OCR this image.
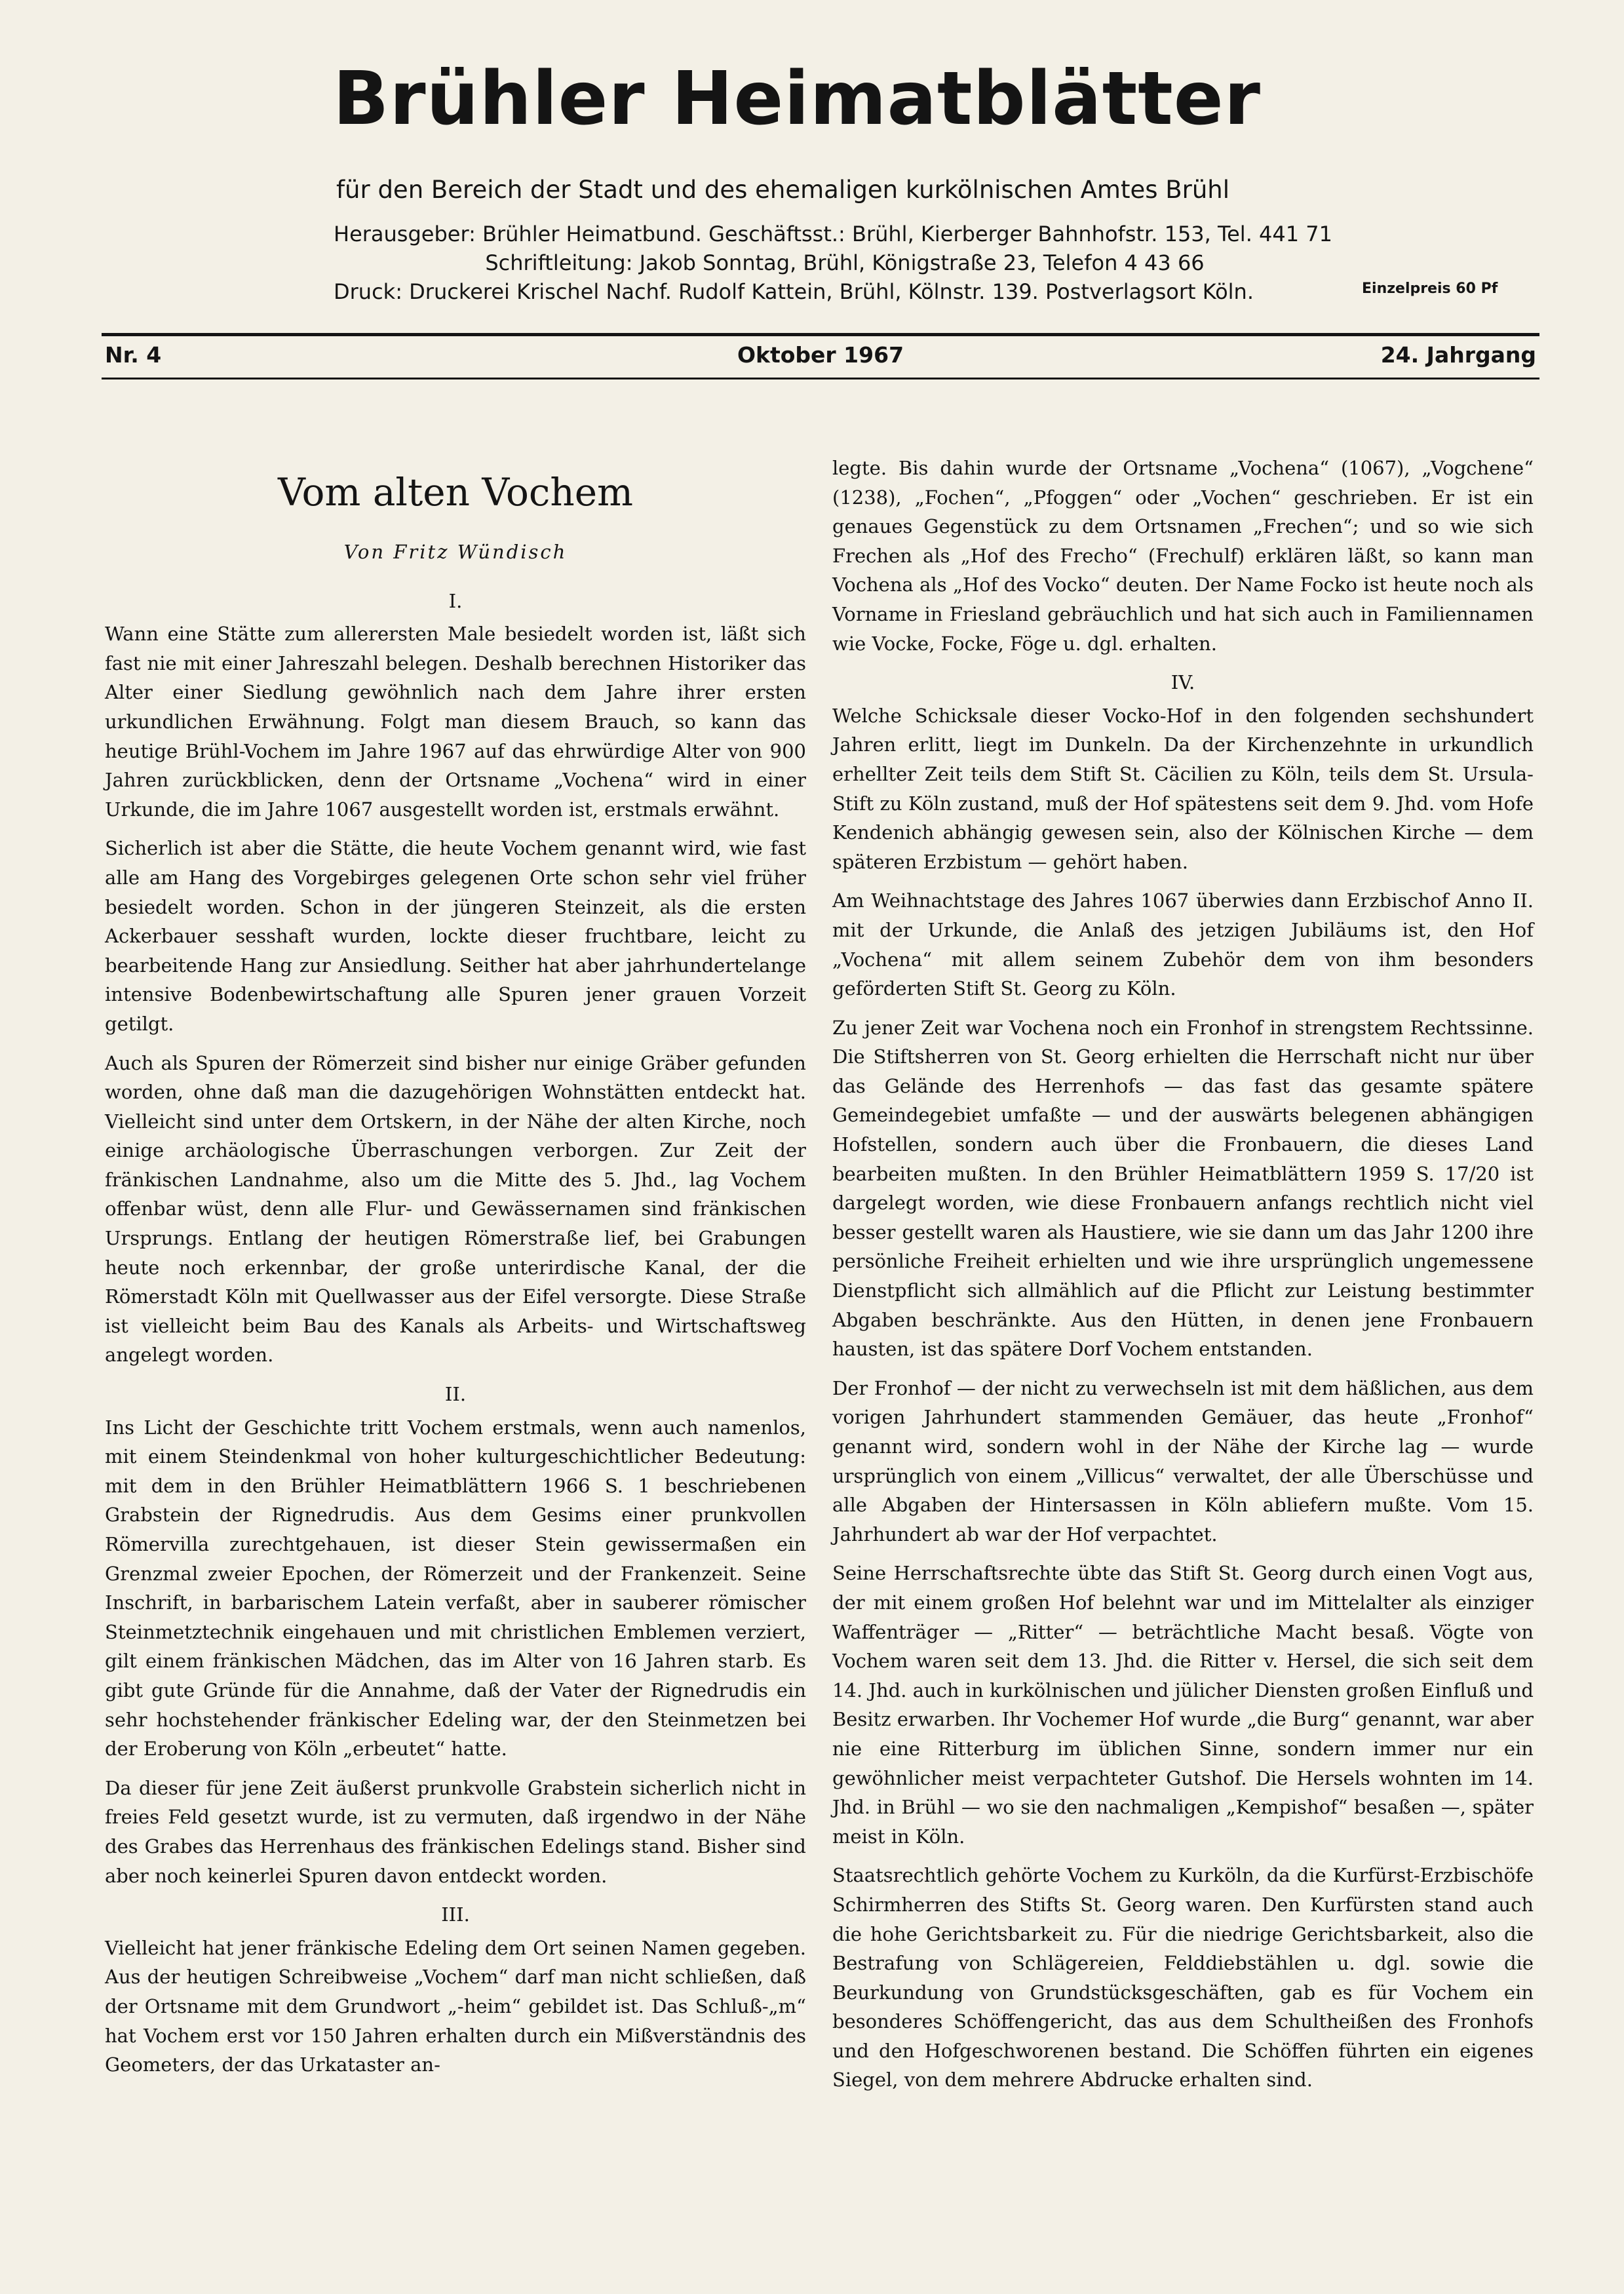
Brühler Heimatblätter
für den Bereich der Stadt und des ehemaligen kurkölnischen Amtes Brühl
Herausgeber: Brühler Heimatbund. Geschäftsst.: Brühl, Kierberger Bahnhofstr. 153, Tel. 441 71
Schriftleitung: Jakob Sonntag, Brühl, Königstraße 23, Telefon 4 43 66
Druck: Druckerei Krischel Nachf. Rudolf Kattein, Brühl, Kölnstr. 139. Postverlagsort Köln.	Einzelpreis 60 Pf
Nr. 4	Oktober 1967	24. Jahrgang
Vom alten Vochem
Von Fritz Wündisch
I.

Wann eine Stätte zum allerersten Male besiedelt worden ist, läßt sich fast nie mit einer Jahreszahl belegen. Deshalb berechnen Historiker das Alter einer Siedlung gewöhnlich nach dem Jahre ihrer ersten urkundlichen Erwähnung. Folgt man diesem Brauch, so kann das heutige Brühl-Vochem im Jahre 1967 auf das ehrwürdige Alter von 900 Jahren zurückblicken, denn der Ortsname „Vochena“ wird in einer Urkunde, die im Jahre 1067 ausgestellt worden ist, erstmals erwähnt.

Sicherlich ist aber die Stätte, die heute Vochem genannt wird, wie fast alle am Hang des Vorgebirges gelegenen Orte schon sehr viel früher besiedelt worden. Schon in der jüngeren Steinzeit, als die ersten Ackerbauer sesshaft wurden, lockte dieser fruchtbare, leicht zu bearbeitende Hang zur Ansiedlung. Seither hat aber jahrhundertelange intensive Bodenbewirtschaftung alle Spuren jener grauen Vorzeit getilgt.

Auch als Spuren der Römerzeit sind bisher nur einige Gräber gefunden worden, ohne daß man die dazugehörigen Wohnstätten entdeckt hat. Vielleicht sind unter dem Ortskern, in der Nähe der alten Kirche, noch einige archäologische Überraschungen verborgen. Zur Zeit der fränkischen Landnahme, also um die Mitte des 5. Jhd., lag Vochem offenbar wüst, denn alle Flur- und Gewässernamen sind fränkischen Ursprungs. Entlang der heutigen Römerstraße lief, bei Grabungen heute noch erkennbar, der große unterirdische Kanal, der die Römerstadt Köln mit Quellwasser aus der Eifel versorgte. Diese Straße ist vielleicht beim Bau des Kanals als Arbeits- und Wirtschaftsweg angelegt worden.

II.

Ins Licht der Geschichte tritt Vochem erstmals, wenn auch namenlos, mit einem Steindenkmal von hoher kulturgeschichtlicher Bedeutung: mit dem in den Brühler Heimatblättern 1966 S. 1 beschriebenen Grabstein der Rignedrudis. Aus dem Gesims einer prunkvollen Römervilla zurechtgehauen, ist dieser Stein gewissermaßen ein Grenzmal zweier Epochen, der Römerzeit und der Frankenzeit. Seine Inschrift, in barbarischem Latein verfaßt, aber in sauberer römischer Steinmetztechnik eingehauen und mit christlichen Emblemen verziert, gilt einem fränkischen Mädchen, das im Alter von 16 Jahren starb. Es gibt gute Gründe für die Annahme, daß der Vater der Rignedrudis ein sehr hochstehender fränkischer Edeling war, der den Steinmetzen bei der Eroberung von Köln „erbeutet“ hatte.

Da dieser für jene Zeit äußerst prunkvolle Grabstein sicherlich nicht in freies Feld gesetzt wurde, ist zu vermuten, daß irgendwo in der Nähe des Grabes das Herrenhaus des fränkischen Edelings stand. Bisher sind aber noch keinerlei Spuren davon entdeckt worden.

III.

Vielleicht hat jener fränkische Edeling dem Ort seinen Namen gegeben. Aus der heutigen Schreibweise „Vochem“ darf man nicht schließen, daß der Ortsname mit dem Grundwort „-heim“ gebildet ist. Das Schluß-„m“ hat Vochem erst vor 150 Jahren erhalten durch ein Mißverständnis des Geometers, der das Urkataster an-

legte. Bis dahin wurde der Ortsname „Vochena“ (1067), „Vogchene“ (1238), „Fochen“, „Pfoggen“ oder „Vochen“ geschrieben. Er ist ein genaues Gegenstück zu dem Ortsnamen „Frechen“; und so wie sich Frechen als „Hof des Frecho“ (Frechulf) erklären läßt, so kann man Vochena als „Hof des Vocko“ deuten. Der Name Focko ist heute noch als Vorname in Friesland gebräuchlich und hat sich auch in Familiennamen wie Vocke, Focke, Föge u. dgl. erhalten.

IV.

Welche Schicksale dieser Vocko-Hof in den folgenden sechshundert Jahren erlitt, liegt im Dunkeln. Da der Kirchenzehnte in urkundlich erhellter Zeit teils dem Stift St. Cäcilien zu Köln, teils dem St. Ursula-Stift zu Köln zustand, muß der Hof spätestens seit dem 9. Jhd. vom Hofe Kendenich abhängig gewesen sein, also der Kölnischen Kirche — dem späteren Erzbistum — gehört haben.

Am Weihnachtstage des Jahres 1067 überwies dann Erzbischof Anno II. mit der Urkunde, die Anlaß des jetzigen Jubiläums ist, den Hof „Vochena“ mit allem seinem Zubehör dem von ihm besonders geförderten Stift St. Georg zu Köln.

Zu jener Zeit war Vochena noch ein Fronhof in strengstem Rechtssinne. Die Stiftsherren von St. Georg erhielten die Herrschaft nicht nur über das Gelände des Herrenhofs — das fast das gesamte spätere Gemeindegebiet umfaßte — und der auswärts belegenen abhängigen Hofstellen, sondern auch über die Fronbauern, die dieses Land bearbeiten mußten. In den Brühler Heimatblättern 1959 S. 17/20 ist dargelegt worden, wie diese Fronbauern anfangs rechtlich nicht viel besser gestellt waren als Haustiere, wie sie dann um das Jahr 1200 ihre persönliche Freiheit erhielten und wie ihre ursprünglich ungemessene Dienstpflicht sich allmählich auf die Pflicht zur Leistung bestimmter Abgaben beschränkte. Aus den Hütten, in denen jene Fronbauern hausten, ist das spätere Dorf Vochem entstanden.

Der Fronhof — der nicht zu verwechseln ist mit dem häßlichen, aus dem vorigen Jahrhundert stammenden Gemäuer, das heute „Fronhof“ genannt wird, sondern wohl in der Nähe der Kirche lag — wurde ursprünglich von einem „Villicus“ verwaltet, der alle Überschüsse und alle Abgaben der Hintersassen in Köln abliefern mußte. Vom 15. Jahrhundert ab war der Hof verpachtet.

Seine Herrschaftsrechte übte das Stift St. Georg durch einen Vogt aus, der mit einem großen Hof belehnt war und im Mittelalter als einziger Waffenträger — „Ritter“ — beträchtliche Macht besaß. Vögte von Vochem waren seit dem 13. Jhd. die Ritter v. Hersel, die sich seit dem 14. Jhd. auch in kurkölnischen und jülicher Diensten großen Einfluß und Besitz erwarben. Ihr Vochemer Hof wurde „die Burg“ genannt, war aber nie eine Ritterburg im üblichen Sinne, sondern immer nur ein gewöhnlicher meist verpachteter Gutshof. Die Hersels wohnten im 14. Jhd. in Brühl — wo sie den nachmaligen „Kempishof“ besaßen —, später meist in Köln.

Staatsrechtlich gehörte Vochem zu Kurköln, da die Kurfürst-Erzbischöfe Schirmherren des Stifts St. Georg waren. Den Kurfürsten stand auch die hohe Gerichtsbarkeit zu. Für die niedrige Gerichtsbarkeit, also die Bestrafung von Schlägereien, Felddiebstählen u. dgl. sowie die Beurkundung von Grundstücksgeschäften, gab es für Vochem ein besonderes Schöffengericht, das aus dem Schultheißen des Fronhofs und den Hofgeschworenen bestand. Die Schöffen führten ein eigenes Siegel, von dem mehrere Abdrucke erhalten sind.
